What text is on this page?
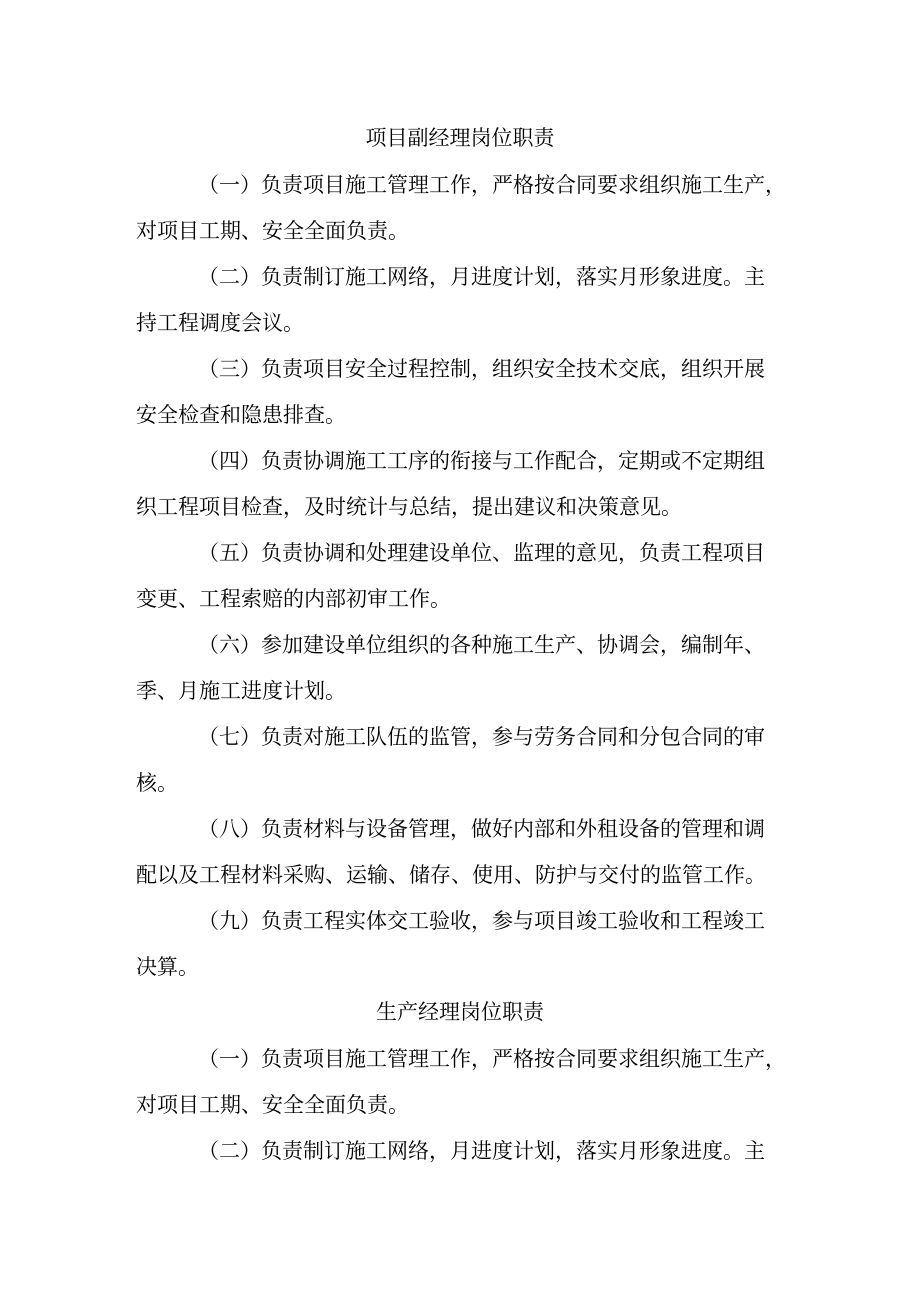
项目副经理岗位职责
（一）负责项目施工管理工作，严格按合同要求组织施工生产，
对项目工期、安全全面负责。
（二）负责制订施工网络，月进度计划，落实月形象进度。主
持工程调度会议。
（三）负责项目安全过程控制，组织安全技术交底，组织开展
安全检查和隐患排查。
（四）负责协调施工工序的衔接与工作配合，定期或不定期组
织工程项目检查，及时统计与总结，提出建议和决策意见。
（五）负责协调和处理建设单位、监理的意见，负责工程项目
变更、工程索赔的内部初审工作。
（六）参加建设单位组织的各种施工生产、协调会，编制年、
季、月施工进度计划。
（七）负责对施工队伍的监管，参与劳务合同和分包合同的审
核。
（八）负责材料与设备管理，做好内部和外租设备的管理和调
配以及工程材料采购、运输、储存、使用、防护与交付的监管工作。
（九）负责工程实体交工验收，参与项目竣工验收和工程竣工
决算。
生产经理岗位职责
（一）负责项目施工管理工作，严格按合同要求组织施工生产，
对项目工期、安全全面负责。
（二）负责制订施工网络，月进度计划，落实月形象进度。主
